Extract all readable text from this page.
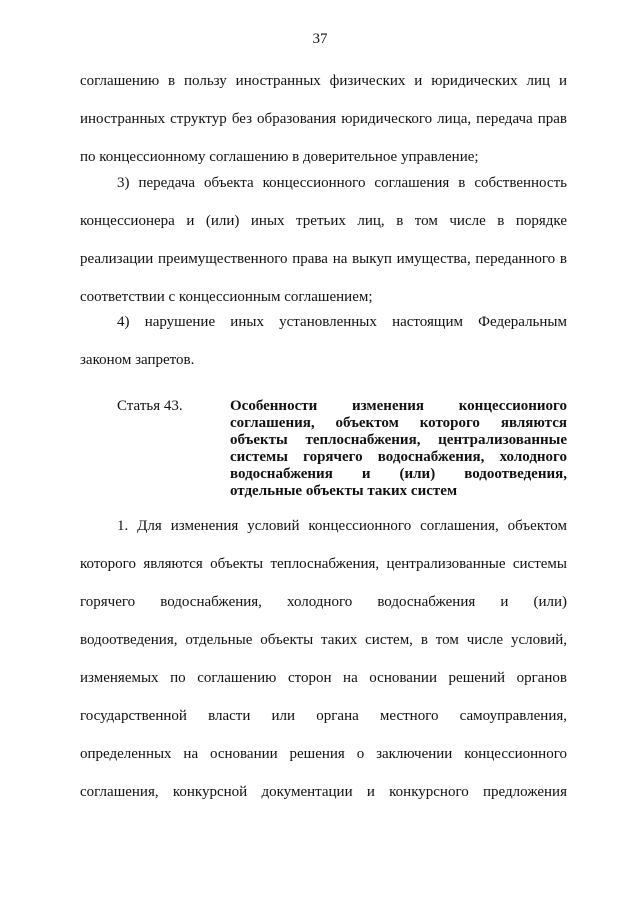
37
соглашению в пользу иностранных физических и юридических лиц и
иностранных структур без образования юридического лица, передача прав
по концессионному соглашению в доверительное управление;
3) передача объекта концессионного соглашения в собственность
концессионера и (или) иных третьих лиц, в том числе в порядке
реализации преимущественного права на выкуп имущества, переданного в
соответствии с концессионным соглашением;
4) нарушение иных установленных настоящим Федеральным
законом запретов.
Статья 43.	Особенности изменения концессиониого
соглашения, объектом которого являются
объекты теплоснабжения, централизованные
системы горячего водоснабжения, холодного
водоснабжения и (или) водоотведения,
отдельные объекты таких систем
1. Для изменения условий концессионного соглашения, объектом
которого являются объекты теплоснабжения, централизованные системы
горячего водоснабжения, холодного водоснабжения и (или)
водоотведения, отдельные объекты таких систем, в том числе условий,
изменяемых по соглашению сторон на основании решений органов
государственной власти или органа местного самоуправления,
определенных на основании решения о заключении концессионного
соглашения, конкурсной документации и конкурсного предложения
